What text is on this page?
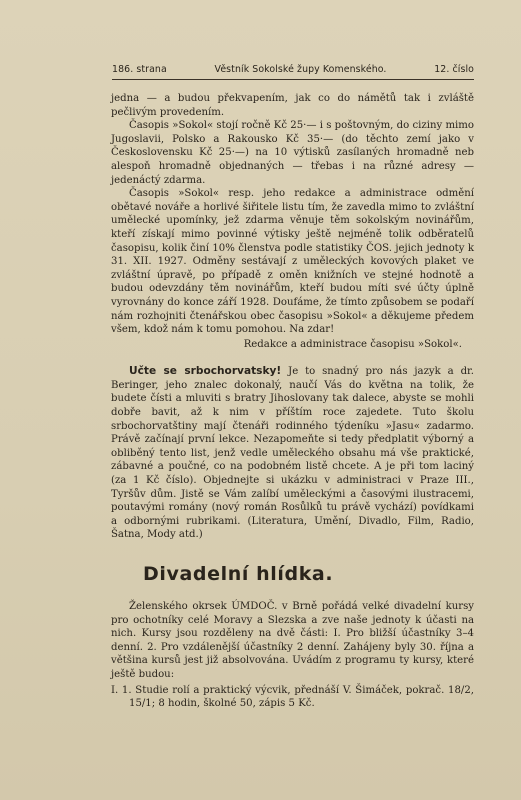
186. strana	Věstník Sokolské župy Komenského.	12. číslo

jedna — a budou překvapením, jak co do námětů tak i zvláště pečlivým provedením.

Časopis »Sokol« stojí ročně Kč 25·— i s poštovným, do ciziny mimo Jugoslavii, Polsko a Rakousko Kč 35·— (do těchto zemí jako v Československu Kč 25·—) na 10 výtisků zasílaných hromadně neb alespoň hromadně objednaných — třebas i na různé adresy — jedenáctý zdarma.

Časopis »Sokol« resp. jeho redakce a administrace odmění obětavé nováře a horlivé šiřitele listu tím, že zavedla mimo to zvláštní umělecké upomínky, jež zdarma věnuje těm sokolským novinářům, kteří získají mimo povinné výtisky ještě nejméně tolik odběratelů časopisu, kolik činí 10% členstva podle statistiky ČOS. jejich jednoty k 31. XII. 1927. Odměny sestávají z uměleckých kovových plaket ve zvláštní úpravě, po případě z oměn knižních ve stejné hodnotě a budou odevzdány těm novinářům, kteří budou míti své účty úplně vyrovnány do konce září 1928. Doufáme, že tímto způsobem se podaří nám rozhojniti čtenářskou obec časopisu »Sokol« a děkujeme předem všem, kdož nám k tomu pomohou. Na zdar!

Redakce a administrace časopisu »Sokol«.

Učte se srbochorvatsky! Je to snadný pro nás jazyk a dr. Beringer, jeho znalec dokonalý, naučí Vás do května na tolik, že budete čísti a mluviti s bratry Jihoslovany tak dalece, abyste se mohli dobře bavit, až k nim v příštím roce zajedete. Tuto školu srbochorvatštiny mají čtenáři rodinného týdeníku »Jasu« zadarmo. Právě začínají první lekce. Nezapomeňte si tedy předplatit výborný a obliběný tento list, jenž vedle uměleckého obsahu má vše praktické, zábavné a poučné, co na podobném listě chcete. A je při tom laciný (za 1 Kč číslo). Objednejte si ukázku v administraci v Praze III., Tyršův dům. Jistě se Vám zalíbí uměleckými a časovými ilustracemi, poutavými romány (nový román Rosůlků tu právě vychází) povídkami a odbornými rubrikami. (Literatura, Umění, Divadlo, Film, Radio, Šatna, Mody atd.)

Divadelní hlídka.

Želenského okrsek ÚMDOČ. v Brně pořádá velké divadelní kursy pro ochotníky celé Moravy a Slezska a zve naše jednoty k účasti na nich. Kursy jsou rozděleny na dvě části: I. Pro bližší účastníky 3–4 denní. 2. Pro vzdálenější účastníky 2 denní. Zahájeny byly 30. října a většina kursů jest již absolvována. Uvádím z programu ty kursy, které ještě budou:

I. 1. Studie rolí a praktický výcvik, přednáší V. Šimáček, pokrač. 18/2, 15/1; 8 hodin, školné 50, zápis 5 Kč.
